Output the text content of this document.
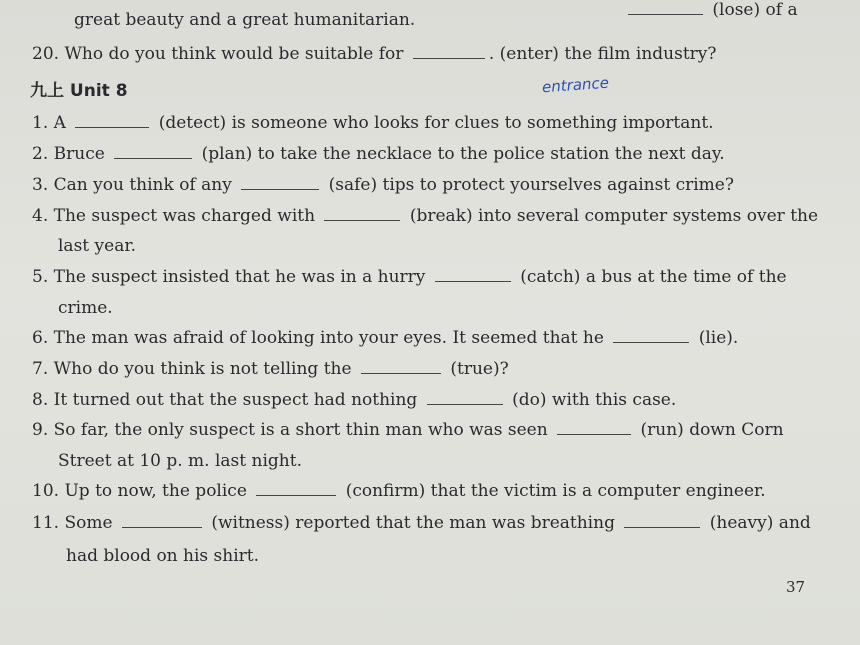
great beauty and a great humanitarian.	(lose) of a
20. Who do you think would be suitable for	. (enter) the film industry?
entrance
九上 Unit 8
1. A	(detect) is someone who looks for clues to something important.
2. Bruce	(plan) to take the necklace to the police station the next day.
3. Can you think of any	(safe) tips to protect yourselves against crime?
4. The suspect was charged with	(break) into several computer systems over the
last year.
5. The suspect insisted that he was in a hurry	(catch) a bus at the time of the
crime.
6. The man was afraid of looking into your eyes. It seemed that he	(lie).
7. Who do you think is not telling the	(true)?
8. It turned out that the suspect had nothing	(do) with this case.
9. So far, the only suspect is a short thin man who was seen	(run) down Corn
Street at 10 p. m. last night.
10. Up to now, the police	(confirm) that the victim is a computer engineer.
11. Some	(witness) reported that the man was breathing	(heavy) and
had blood on his shirt.
37
